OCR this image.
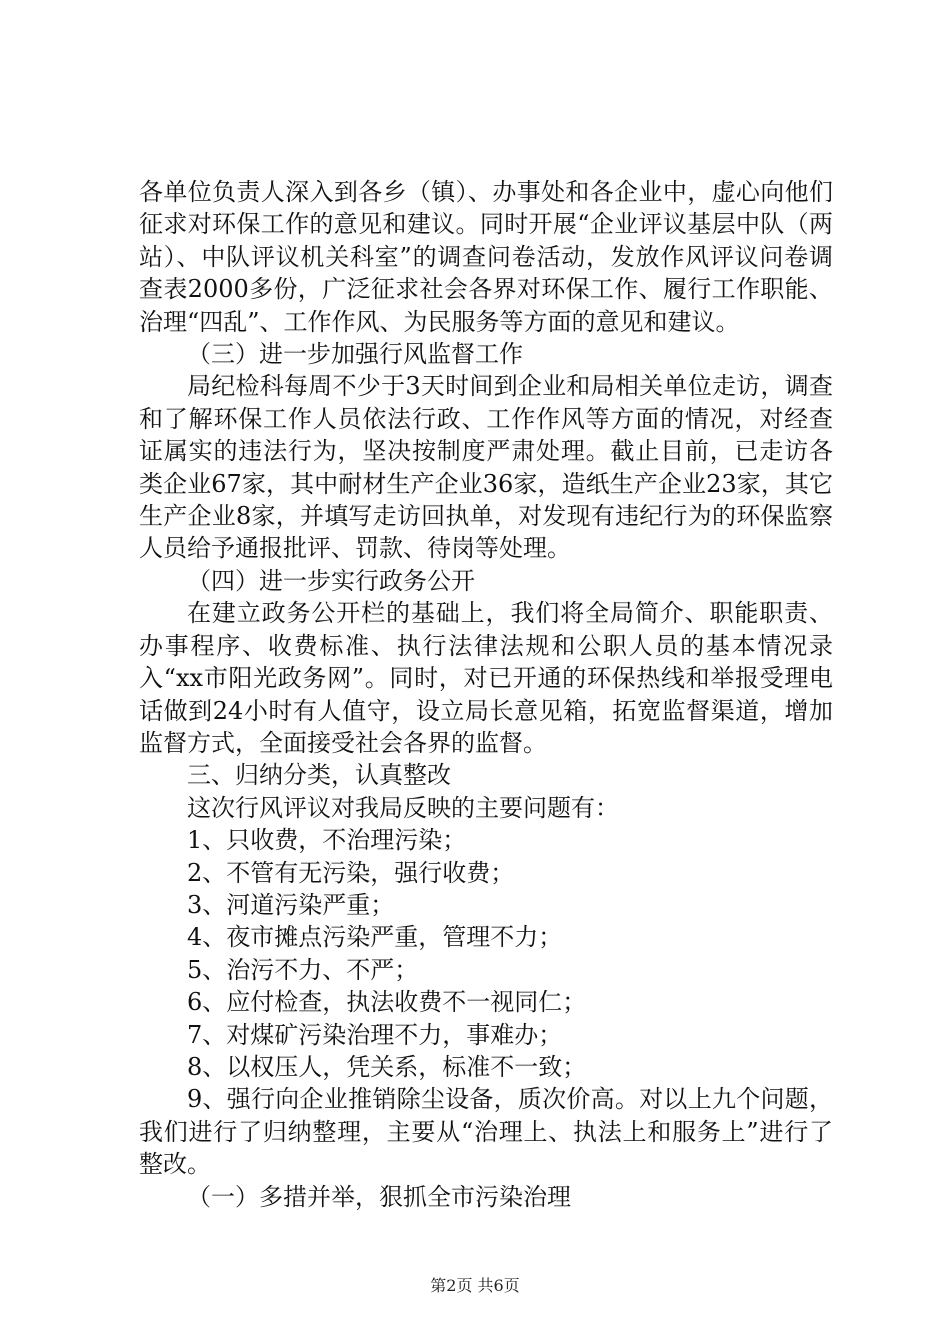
各单位负责人深入到各乡（镇）、办事处和各企业中，虚心向他们征求对环保工作的意见和建议。同时开展“企业评议基层中队（两站）、中队评议机关科室”的调查问卷活动，发放作风评议问卷调查表2000多份，广泛征求社会各界对环保工作、履行工作职能、治理“四乱”、工作作风、为民服务等方面的意见和建议。

（三）进一步加强行风监督工作

局纪检科每周不少于3天时间到企业和局相关单位走访，调查和了解环保工作人员依法行政、工作作风等方面的情况，对经查证属实的违法行为，坚决按制度严肃处理。截止目前，已走访各类企业67家，其中耐材生产企业36家，造纸生产企业23家，其它生产企业8家，并填写走访回执单，对发现有违纪行为的环保监察人员给予通报批评、罚款、待岗等处理。

（四）进一步实行政务公开

在建立政务公开栏的基础上，我们将全局简介、职能职责、办事程序、收费标准、执行法律法规和公职人员的基本情况录入“xx市阳光政务网”。同时，对已开通的环保热线和举报受理电话做到24小时有人值守，设立局长意见箱，拓宽监督渠道，增加监督方式，全面接受社会各界的监督。

三、归纳分类，认真整改

这次行风评议对我局反映的主要问题有：

1、只收费，不治理污染；

2、不管有无污染，强行收费；

3、河道污染严重；

4、夜市摊点污染严重，管理不力；

5、治污不力、不严；

6、应付检查，执法收费不一视同仁；

7、对煤矿污染治理不力，事难办；

8、以权压人，凭关系，标准不一致；

9、强行向企业推销除尘设备，质次价高。对以上九个问题，我们进行了归纳整理，主要从“治理上、执法上和服务上”进行了整改。

（一）多措并举，狠抓全市污染治理

第2页 共6页
